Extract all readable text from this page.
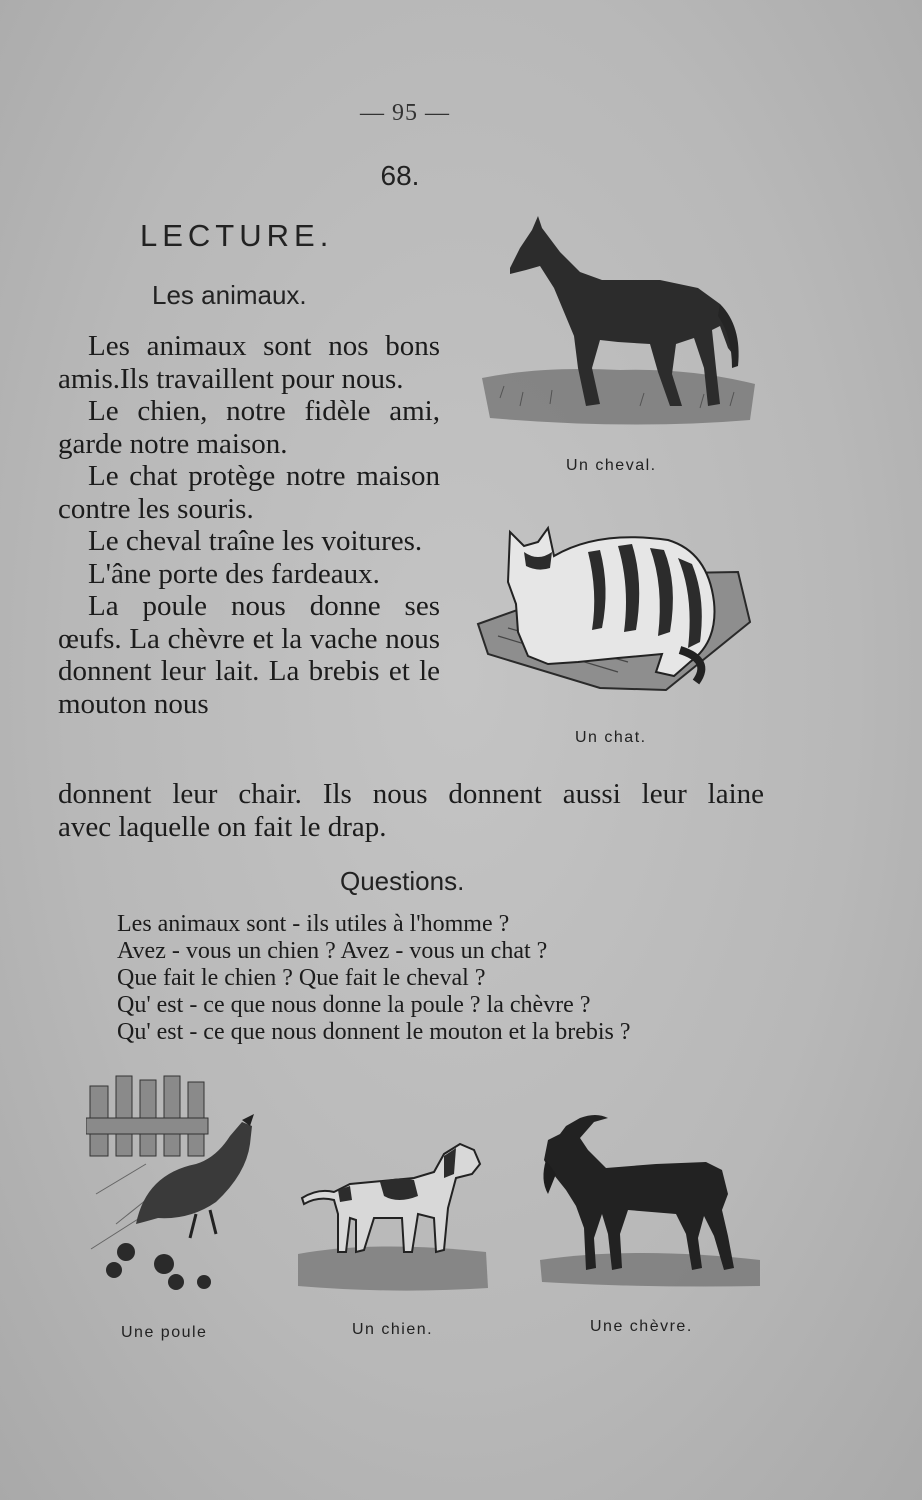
— 95 —
68.
LECTURE.
Les animaux.

Les animaux sont nos bons amis.Ils travaillent pour nous.

Le chien, notre fidèle ami, garde notre maison.

Le chat protège notre maison contre les souris.

Le cheval traîne les voitures.

L'âne porte des fardeaux.

La poule nous donne ses œufs. La chèvre et la vache nous donnent leur lait. La brebis et le mouton nous

donnent leur chair. Ils nous donnent aussi leur laine
avec laquelle on fait le drap.
Questions.
Les animaux sont - ils utiles à l'homme ?
Avez - vous un chien ? Avez - vous un chat ?
Que fait le chien ? Que fait le cheval ?
Qu' est - ce que nous donne la poule ? la chèvre ?
Qu' est - ce que nous donnent le mouton et la brebis ?
Un cheval.
Un chat.
Une poule	Un chien.	Une chèvre.
